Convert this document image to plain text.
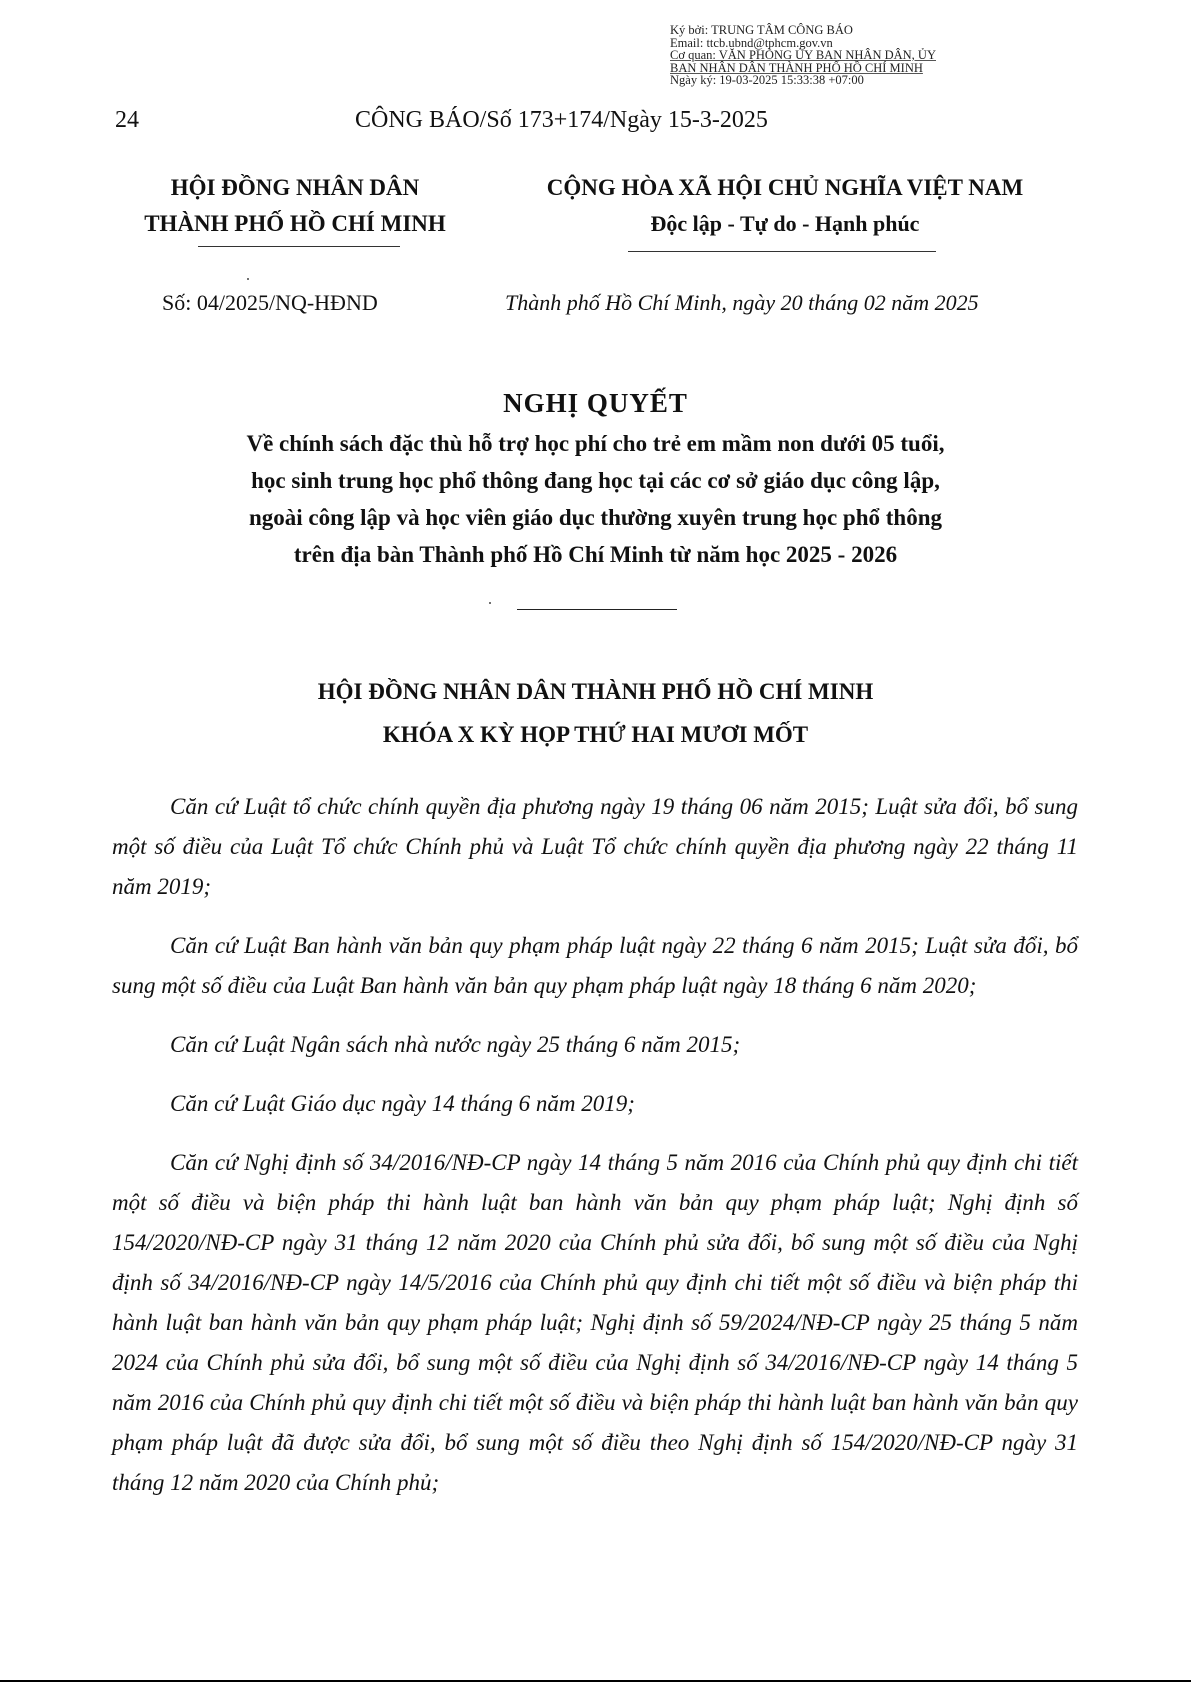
Ký bởi: TRUNG TÂM CÔNG BÁO
Email: ttcb.ubnd@tphcm.gov.vn
Cơ quan: VĂN PHÒNG ỦY BAN NHÂN DÂN, ỦY
BAN NHÂN DÂN THÀNH PHỐ HỒ CHÍ MINH
Ngày ký: 19-03-2025 15:33:38 +07:00
24	CÔNG BÁO/Số 173+174/Ngày 15-3-2025
HỘI ĐỒNG NHÂN DÂN
THÀNH PHỐ HỒ CHÍ MINH
CỘNG HÒA XÃ HỘI CHỦ NGHĨA VIỆT NAM
Độc lập - Tự do - Hạnh phúc
Số: 04/2025/NQ-HĐND	Thành phố Hồ Chí Minh, ngày 20 tháng 02 năm 2025
NGHỊ QUYẾT
Về chính sách đặc thù hỗ trợ học phí cho trẻ em mầm non dưới 05 tuổi,
học sinh trung học phổ thông đang học tại các cơ sở giáo dục công lập,
ngoài công lập và học viên giáo dục thường xuyên trung học phổ thông
trên địa bàn Thành phố Hồ Chí Minh từ năm học 2025 - 2026
HỘI ĐỒNG NHÂN DÂN THÀNH PHỐ HỒ CHÍ MINH
KHÓA X KỲ HỌP THỨ HAI MƯƠI MỐT

Căn cứ Luật tổ chức chính quyền địa phương ngày 19 tháng 06 năm 2015; Luật sửa đổi, bổ sung một số điều của Luật Tổ chức Chính phủ và Luật Tổ chức chính quyền địa phương ngày 22 tháng 11 năm 2019;

Căn cứ Luật Ban hành văn bản quy phạm pháp luật ngày 22 tháng 6 năm 2015; Luật sửa đổi, bổ sung một số điều của Luật Ban hành văn bản quy phạm pháp luật ngày 18 tháng 6 năm 2020;

Căn cứ Luật Ngân sách nhà nước ngày 25 tháng 6 năm 2015;

Căn cứ Luật Giáo dục ngày 14 tháng 6 năm 2019;

Căn cứ Nghị định số 34/2016/NĐ-CP ngày 14 tháng 5 năm 2016 của Chính phủ quy định chi tiết một số điều và biện pháp thi hành luật ban hành văn bản quy phạm pháp luật; Nghị định số 154/2020/NĐ-CP ngày 31 tháng 12 năm 2020 của Chính phủ sửa đổi, bổ sung một số điều của Nghị định số 34/2016/NĐ-CP ngày 14/5/2016 của Chính phủ quy định chi tiết một số điều và biện pháp thi hành luật ban hành văn bản quy phạm pháp luật; Nghị định số 59/2024/NĐ-CP ngày 25 tháng 5 năm 2024 của Chính phủ sửa đổi, bổ sung một số điều của Nghị định số 34/2016/NĐ-CP ngày 14 tháng 5 năm 2016 của Chính phủ quy định chi tiết một số điều và biện pháp thi hành luật ban hành văn bản quy phạm pháp luật đã được sửa đổi, bổ sung một số điều theo Nghị định số 154/2020/NĐ-CP ngày 31 tháng 12 năm 2020 của Chính phủ;
